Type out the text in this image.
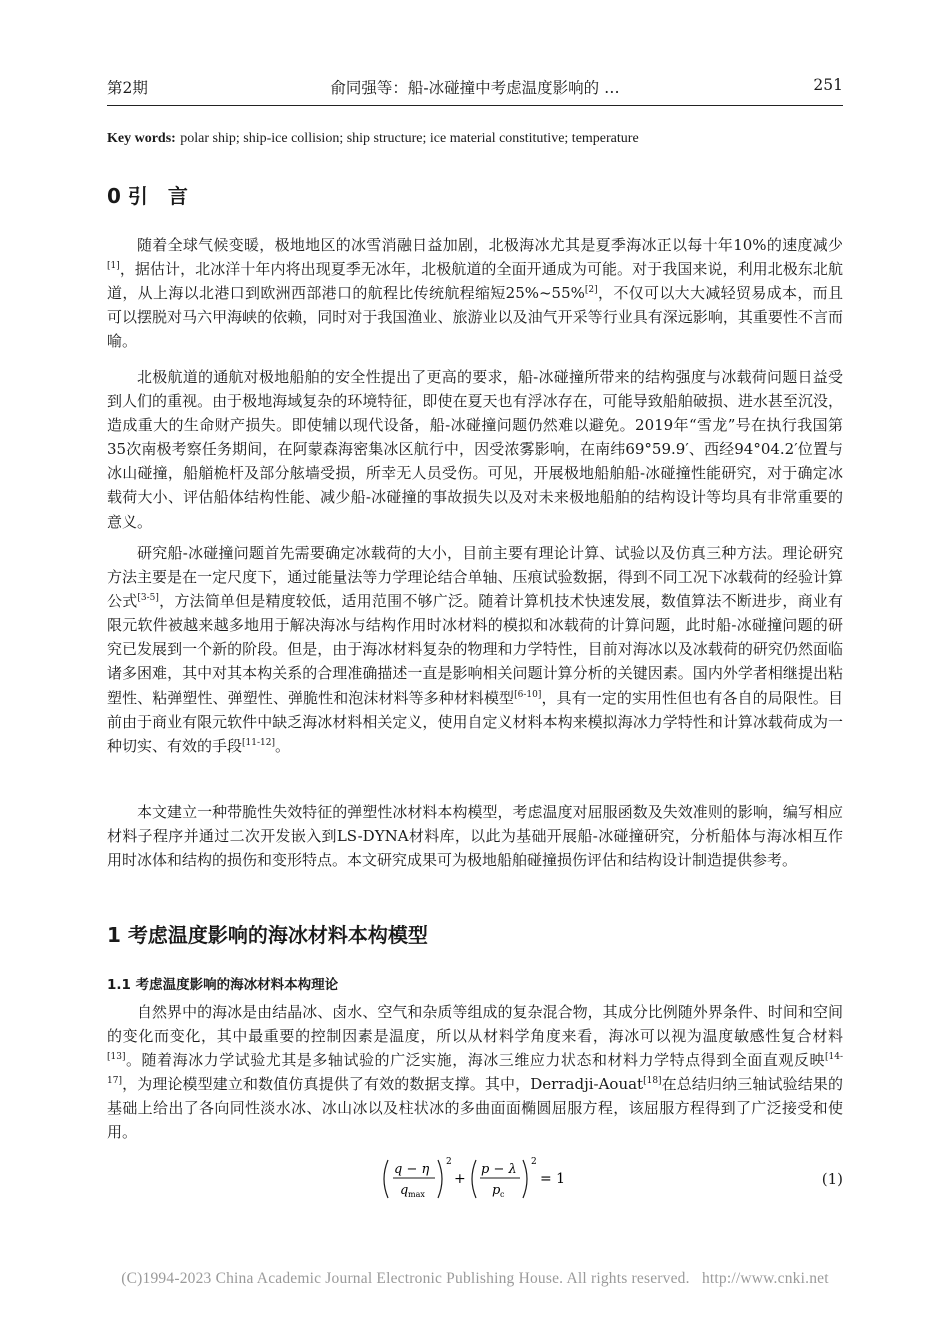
第2期	俞同强等：船-冰碰撞中考虑温度影响的 …	251
Key words: polar ship; ship-ice collision; ship structure; ice material constitutive; temperature
0 引　言

随着全球气候变暖，极地地区的冰雪消融日益加剧，北极海冰尤其是夏季海冰正以每十年10%的速度减少[1]，据估计，北冰洋十年内将出现夏季无冰年，北极航道的全面开通成为可能。对于我国来说，利用北极东北航道，从上海以北港口到欧洲西部港口的航程比传统航程缩短25%~55%[2]，不仅可以大大减轻贸易成本，而且可以摆脱对马六甲海峡的依赖，同时对于我国渔业、旅游业以及油气开采等行业具有深远影响，其重要性不言而喻。

北极航道的通航对极地船舶的安全性提出了更高的要求，船-冰碰撞所带来的结构强度与冰载荷问题日益受到人们的重视。由于极地海域复杂的环境特征，即使在夏天也有浮冰存在，可能导致船舶破损、进水甚至沉没，造成重大的生命财产损失。即使辅以现代设备，船-冰碰撞问题仍然难以避免。2019年“雪龙”号在执行我国第35次南极考察任务期间，在阿蒙森海密集冰区航行中，因受浓雾影响，在南纬69°59.9′、西经94°04.2′位置与冰山碰撞，船艏桅杆及部分舷墙受损，所幸无人员受伤。可见，开展极地船舶船-冰碰撞性能研究，对于确定冰载荷大小、评估船体结构性能、减少船-冰碰撞的事故损失以及对未来极地船舶的结构设计等均具有非常重要的意义。

研究船-冰碰撞问题首先需要确定冰载荷的大小，目前主要有理论计算、试验以及仿真三种方法。理论研究方法主要是在一定尺度下，通过能量法等力学理论结合单轴、压痕试验数据，得到不同工况下冰载荷的经验计算公式[3-5]，方法简单但是精度较低，适用范围不够广泛。随着计算机技术快速发展，数值算法不断进步，商业有限元软件被越来越多地用于解决海冰与结构作用时冰材料的模拟和冰载荷的计算问题，此时船-冰碰撞问题的研究已发展到一个新的阶段。但是，由于海冰材料复杂的物理和力学特性，目前对海冰以及冰载荷的研究仍然面临诸多困难，其中对其本构关系的合理准确描述一直是影响相关问题计算分析的关键因素。国内外学者相继提出粘塑性、粘弹塑性、弹塑性、弹脆性和泡沫材料等多种材料模型[6-10]，具有一定的实用性但也有各自的局限性。目前由于商业有限元软件中缺乏海冰材料相关定义，使用自定义材料本构来模拟海冰力学特性和计算冰载荷成为一种切实、有效的手段[11-12]。

本文建立一种带脆性失效特征的弹塑性冰材料本构模型，考虑温度对屈服函数及失效准则的影响，编写相应材料子程序并通过二次开发嵌入到LS-DYNA材料库，以此为基础开展船-冰碰撞研究，分析船体与海冰相互作用时冰体和结构的损伤和变形特点。本文研究成果可为极地船舶碰撞损伤评估和结构设计制造提供参考。

1 考虑温度影响的海冰材料本构模型
1.1 考虑温度影响的海冰材料本构理论

自然界中的海冰是由结晶冰、卤水、空气和杂质等组成的复杂混合物，其成分比例随外界条件、时间和空间的变化而变化，其中最重要的控制因素是温度，所以从材料学角度来看，海冰可以视为温度敏感性复合材料[13]。随着海冰力学试验尤其是多轴试验的广泛实施，海冰三维应力状态和材料力学特点得到全面直观反映[14-17]，为理论模型建立和数值仿真提供了有效的数据支撑。其中，Derradji-Aouat[18]在总结归纳三轴试验结果的基础上给出了各向同性淡水冰、冰山冰以及柱状冰的多曲面面椭圆屈服方程，该屈服方程得到了广泛接受和使用。

q − η
q max
2
+
p − λ
p c
2
= 1	(1)
(C)1994-2023 China Academic Journal Electronic Publishing House. All rights reserved. http://www.cnki.net
